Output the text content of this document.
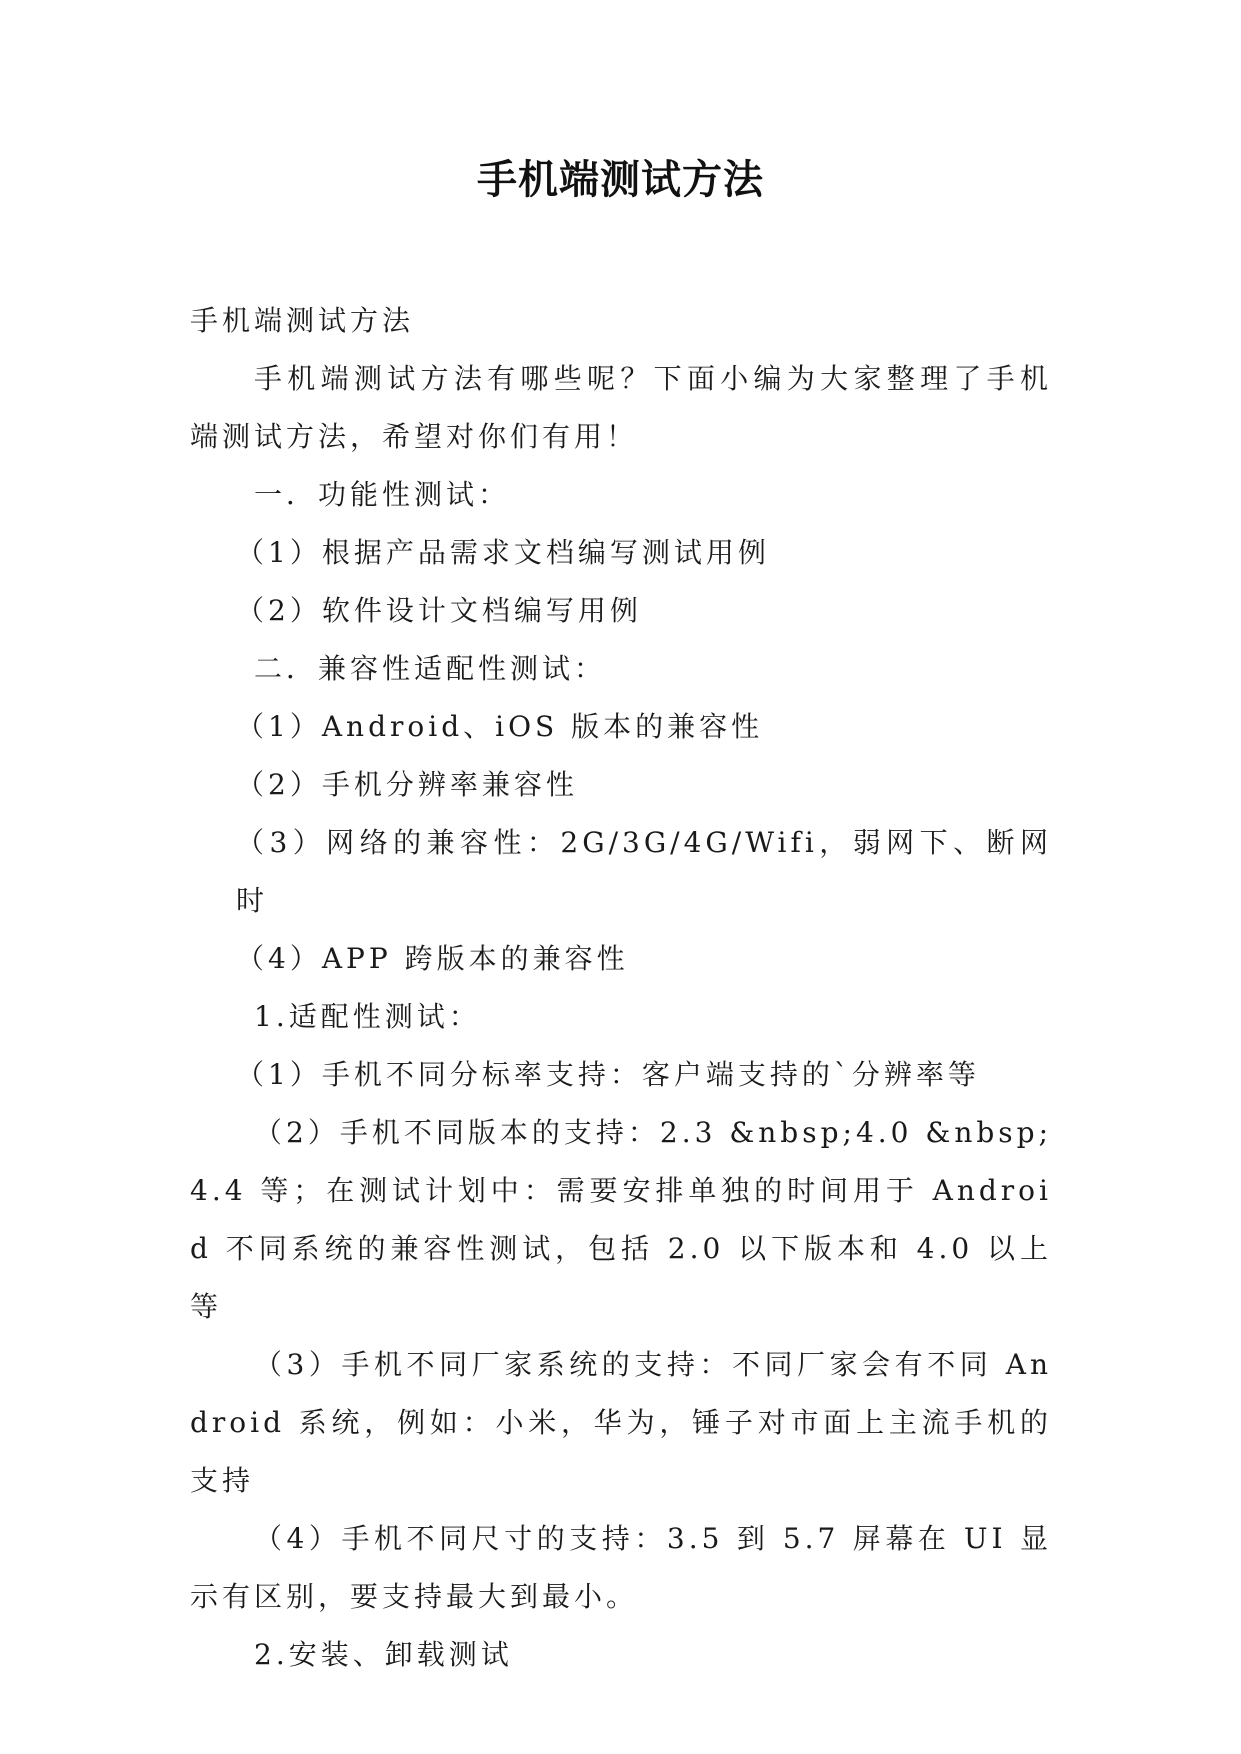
手机端测试方法

手机端测试方法

手机端测试方法有哪些呢？下面小编为大家整理了手机端测试方法，希望对你们有用！

一．功能性测试：

（1）根据产品需求文档编写测试用例

（2）软件设计文档编写用例

二．兼容性适配性测试：

（1）Android、iOS 版本的兼容性

（2）手机分辨率兼容性

（3）网络的兼容性：2G/3G/4G/Wifi，弱网下、断网时

（4）APP 跨版本的兼容性

1.适配性测试：

（1）手机不同分标率支持：客户端支持的`分辨率等

（2）手机不同版本的支持：2.3 &nbsp;4.0 &nbsp;4.4 等；在测试计划中：需要安排单独的时间用于 Android 不同系统的兼容性测试，包括 2.0 以下版本和 4.0 以上等

（3）手机不同厂家系统的支持：不同厂家会有不同 Android 系统，例如：小米，华为，锤子对市面上主流手机的支持

（4）手机不同尺寸的支持：3.5 到 5.7 屏幕在 UI 显示有区别，要支持最大到最小。

2.安装、卸载测试
